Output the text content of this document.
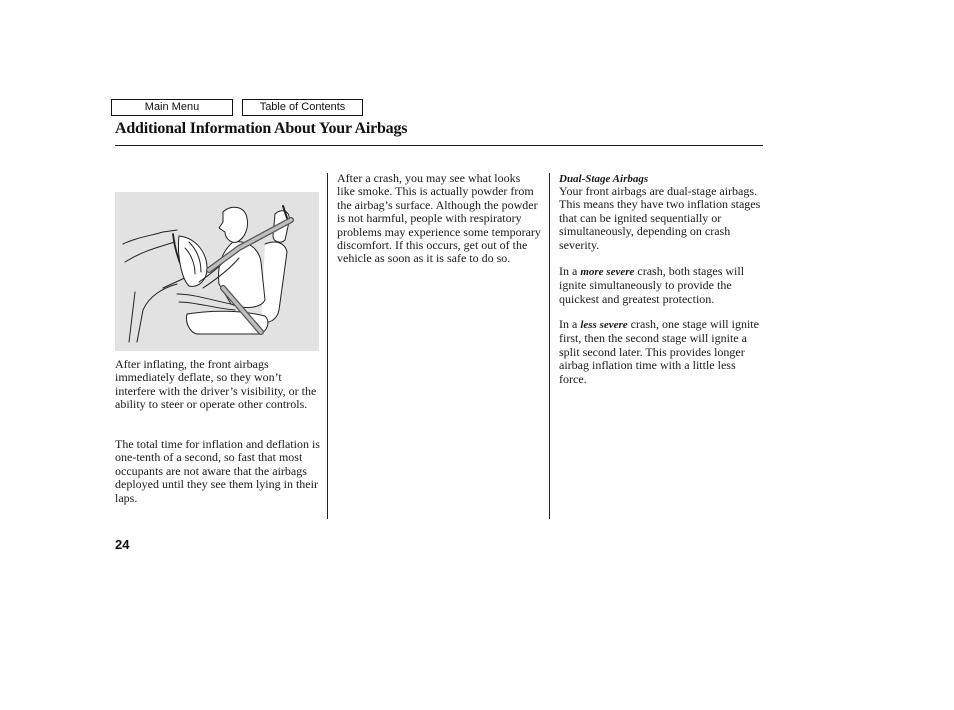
Main Menu	Table of Contents
Additional Information About Your Airbags

After inflating, the front airbags immediately deflate, so they won’t interfere with the driver’s visibility, or the ability to steer or operate other controls.

The total time for inflation and deflation is one-tenth of a second, so fast that most occupants are not aware that the airbags deployed until they see them lying in their laps.

After a crash, you may see what looks like smoke. This is actually powder from the airbag’s surface. Although the powder is not harmful, people with respiratory problems may experience some temporary discomfort. If this occurs, get out of the vehicle as soon as it is safe to do so.

Dual-Stage Airbags

Your front airbags are dual-stage airbags. This means they have two inflation stages that can be ignited sequentially or simultaneously, depending on crash severity.

In a more severe crash, both stages will ignite simultaneously to provide the quickest and greatest protection.

In a less severe crash, one stage will ignite first, then the second stage will ignite a split second later. This provides longer airbag inflation time with a little less force.

24
